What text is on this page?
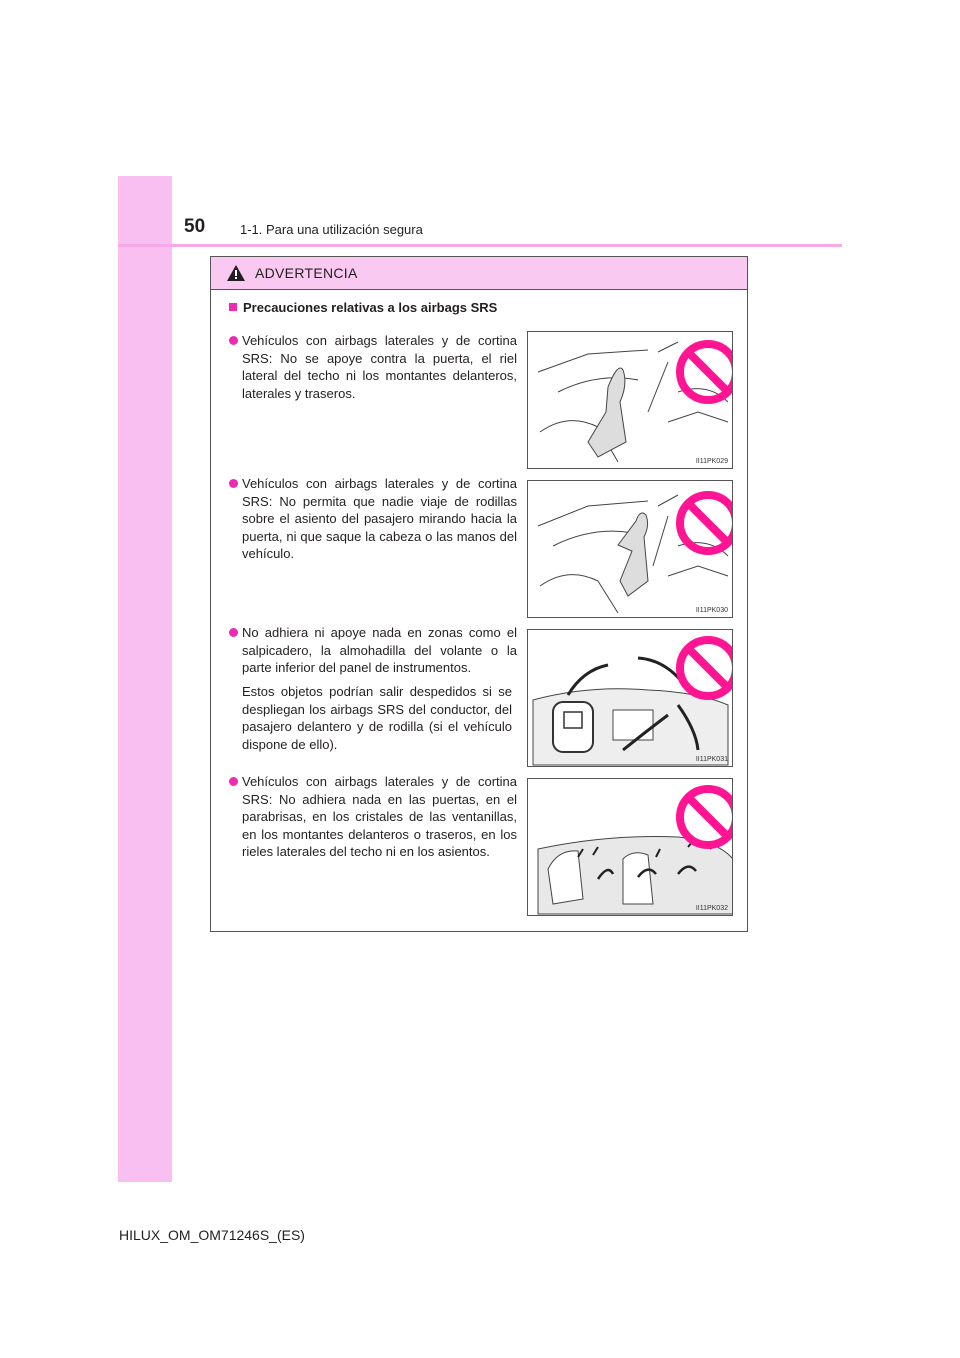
50	1-1. Para una utilización segura
ADVERTENCIA
Precauciones relativas a los airbags SRS
Vehículos con airbags laterales y de cortina SRS: No se apoye contra la puerta, el riel lateral del techo ni los montantes delanteros, laterales y traseros.
II11PK029
Vehículos con airbags laterales y de cortina SRS: No permita que nadie viaje de rodillas sobre el asiento del pasajero mirando hacia la puerta, ni que saque la cabeza o las manos del vehículo.
II11PK030
No adhiera ni apoye nada en zonas como el salpicadero, la almohadilla del volante o la parte inferior del panel de instrumentos.
Estos objetos podrían salir despedidos si se despliegan los airbags SRS del conductor, del pasajero delantero y de rodilla (si el vehículo dispone de ello).
II11PK031
Vehículos con airbags laterales y de cortina SRS: No adhiera nada en las puertas, en el parabrisas, en los cristales de las ventanillas, en los montantes delanteros o traseros, en los rieles laterales del techo ni en los asientos.
II11PK032
HILUX_OM_OM71246S_(ES)
